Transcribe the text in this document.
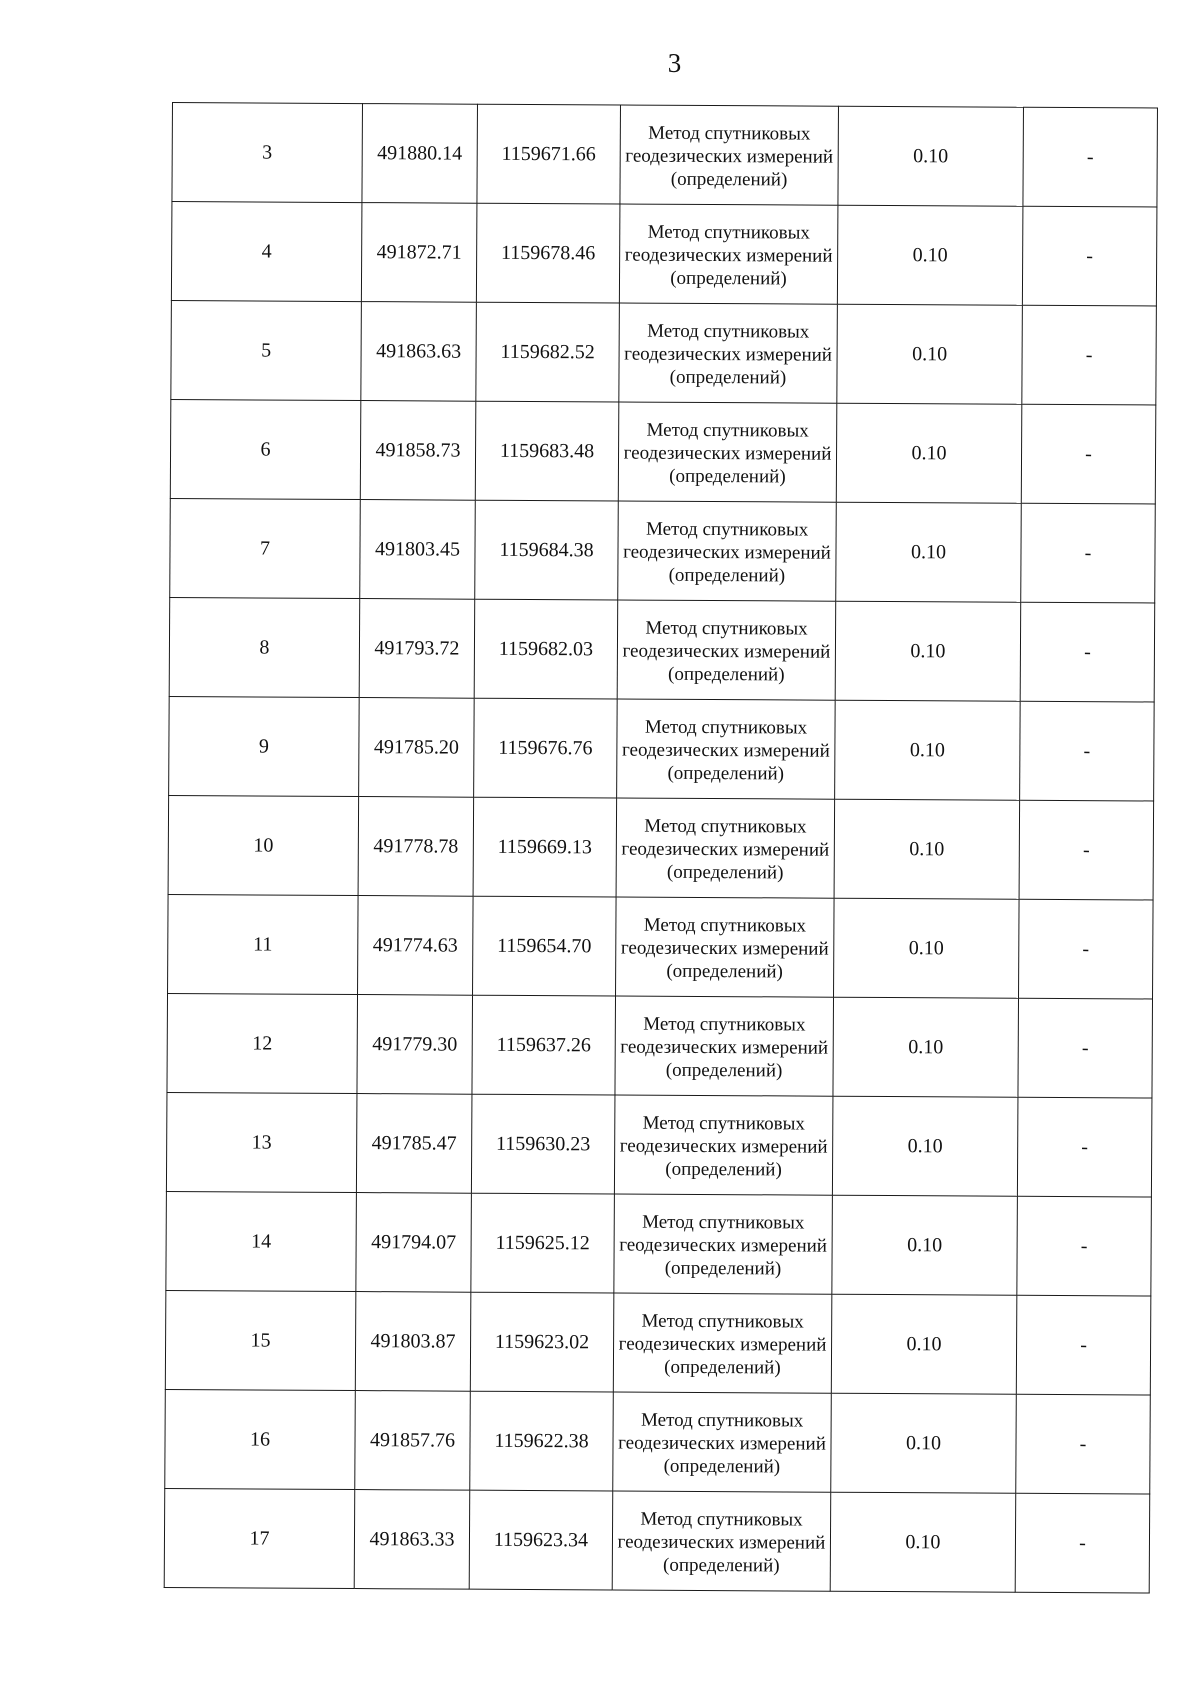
3
3	491880.14	1159671.66	Метод спутниковых геодезических измерений (определений)	0.10	-
4	491872.71	1159678.46	Метод спутниковых геодезических измерений (определений)	0.10	-
5	491863.63	1159682.52	Метод спутниковых геодезических измерений (определений)	0.10	-
6	491858.73	1159683.48	Метод спутниковых геодезических измерений (определений)	0.10	-
7	491803.45	1159684.38	Метод спутниковых геодезических измерений (определений)	0.10	-
8	491793.72	1159682.03	Метод спутниковых геодезических измерений (определений)	0.10	-
9	491785.20	1159676.76	Метод спутниковых геодезических измерений (определений)	0.10	-
10	491778.78	1159669.13	Метод спутниковых геодезических измерений (определений)	0.10	-
11	491774.63	1159654.70	Метод спутниковых геодезических измерений (определений)	0.10	-
12	491779.30	1159637.26	Метод спутниковых геодезических измерений (определений)	0.10	-
13	491785.47	1159630.23	Метод спутниковых геодезических измерений (определений)	0.10	-
14	491794.07	1159625.12	Метод спутниковых геодезических измерений (определений)	0.10	-
15	491803.87	1159623.02	Метод спутниковых геодезических измерений (определений)	0.10	-
16	491857.76	1159622.38	Метод спутниковых геодезических измерений (определений)	0.10	-
17	491863.33	1159623.34	Метод спутниковых геодезических измерений (определений)	0.10	-
